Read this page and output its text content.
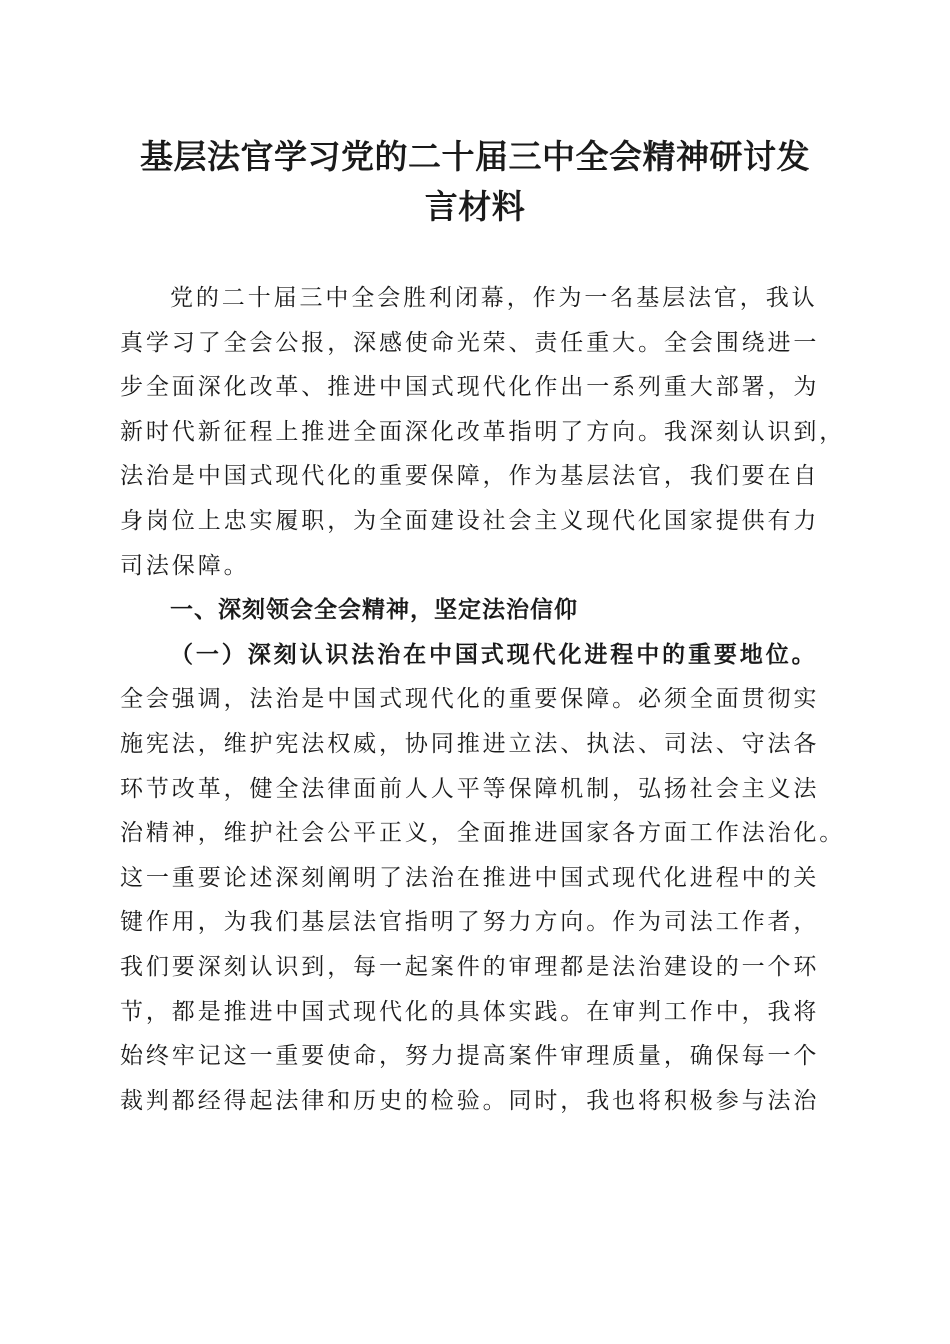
基层法官学习党的二十届三中全会精神研讨发
言材料
党的二十届三中全会胜利闭幕，作为一名基层法官，我认
真学习了全会公报，深感使命光荣、责任重大。全会围绕进一
步全面深化改革、推进中国式现代化作出一系列重大部署，为
新时代新征程上推进全面深化改革指明了方向。我深刻认识到，
法治是中国式现代化的重要保障，作为基层法官，我们要在自
身岗位上忠实履职，为全面建设社会主义现代化国家提供有力
司法保障。
一、深刻领会全会精神，坚定法治信仰
（一）深刻认识法治在中国式现代化进程中的重要地位。
全会强调，法治是中国式现代化的重要保障。必须全面贯彻实
施宪法，维护宪法权威，协同推进立法、执法、司法、守法各
环节改革，健全法律面前人人平等保障机制，弘扬社会主义法
治精神，维护社会公平正义，全面推进国家各方面工作法治化。
这一重要论述深刻阐明了法治在推进中国式现代化进程中的关
键作用，为我们基层法官指明了努力方向。作为司法工作者，
我们要深刻认识到，每一起案件的审理都是法治建设的一个环
节，都是推进中国式现代化的具体实践。在审判工作中，我将
始终牢记这一重要使命，努力提高案件审理质量，确保每一个
裁判都经得起法律和历史的检验。同时，我也将积极参与法治
